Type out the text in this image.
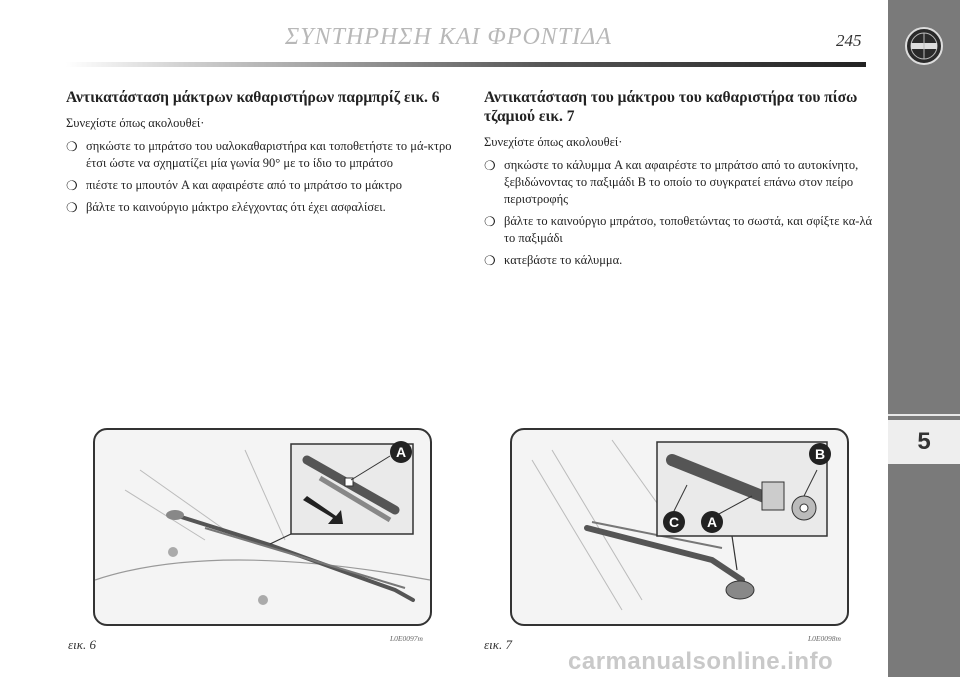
ΣΥΝΤΗΡΗΣΗ ΚΑΙ ΦΡΟΝΤΙΔΑ	245
5
Αντικατάσταση μάκτρων καθαριστήρων παρμπρίζ εικ. 6

Συνεχίστε όπως ακολουθεί·

❍ σηκώστε το μπράτσο του υαλοκαθαριστήρα και τοποθετήστε το μά-κτρο έτσι ώστε να σχηματίζει μία γωνία 90° με το ίδιο το μπράτσο
❍ πιέστε το μπουτόν A και αφαιρέστε από το μπράτσο το μάκτρο
❍ βάλτε το καινούργιο μάκτρο ελέγχοντας ότι έχει ασφαλίσει.
Αντικατάσταση του μάκτρου του καθαριστήρα του πίσω τζαμιού εικ. 7

Συνεχίστε όπως ακολουθεί·

❍ σηκώστε το κάλυμμα A και αφαιρέστε το μπράτσο από το αυτοκίνητο, ξεβιδώνοντας το παξιμάδι B το οποίο το συγκρατεί επάνω στον πείρο περιστροφής
❍ βάλτε το καινούργιο μπράτσο, τοποθετώντας το σωστά, και σφίξτε κα-λά το παξιμάδι
❍ κατεβάστε το κάλυμμα.
A	B
C A
εικ. 6	L0E0097m	εικ. 7	L0E0098m
carmanualsonline.info
